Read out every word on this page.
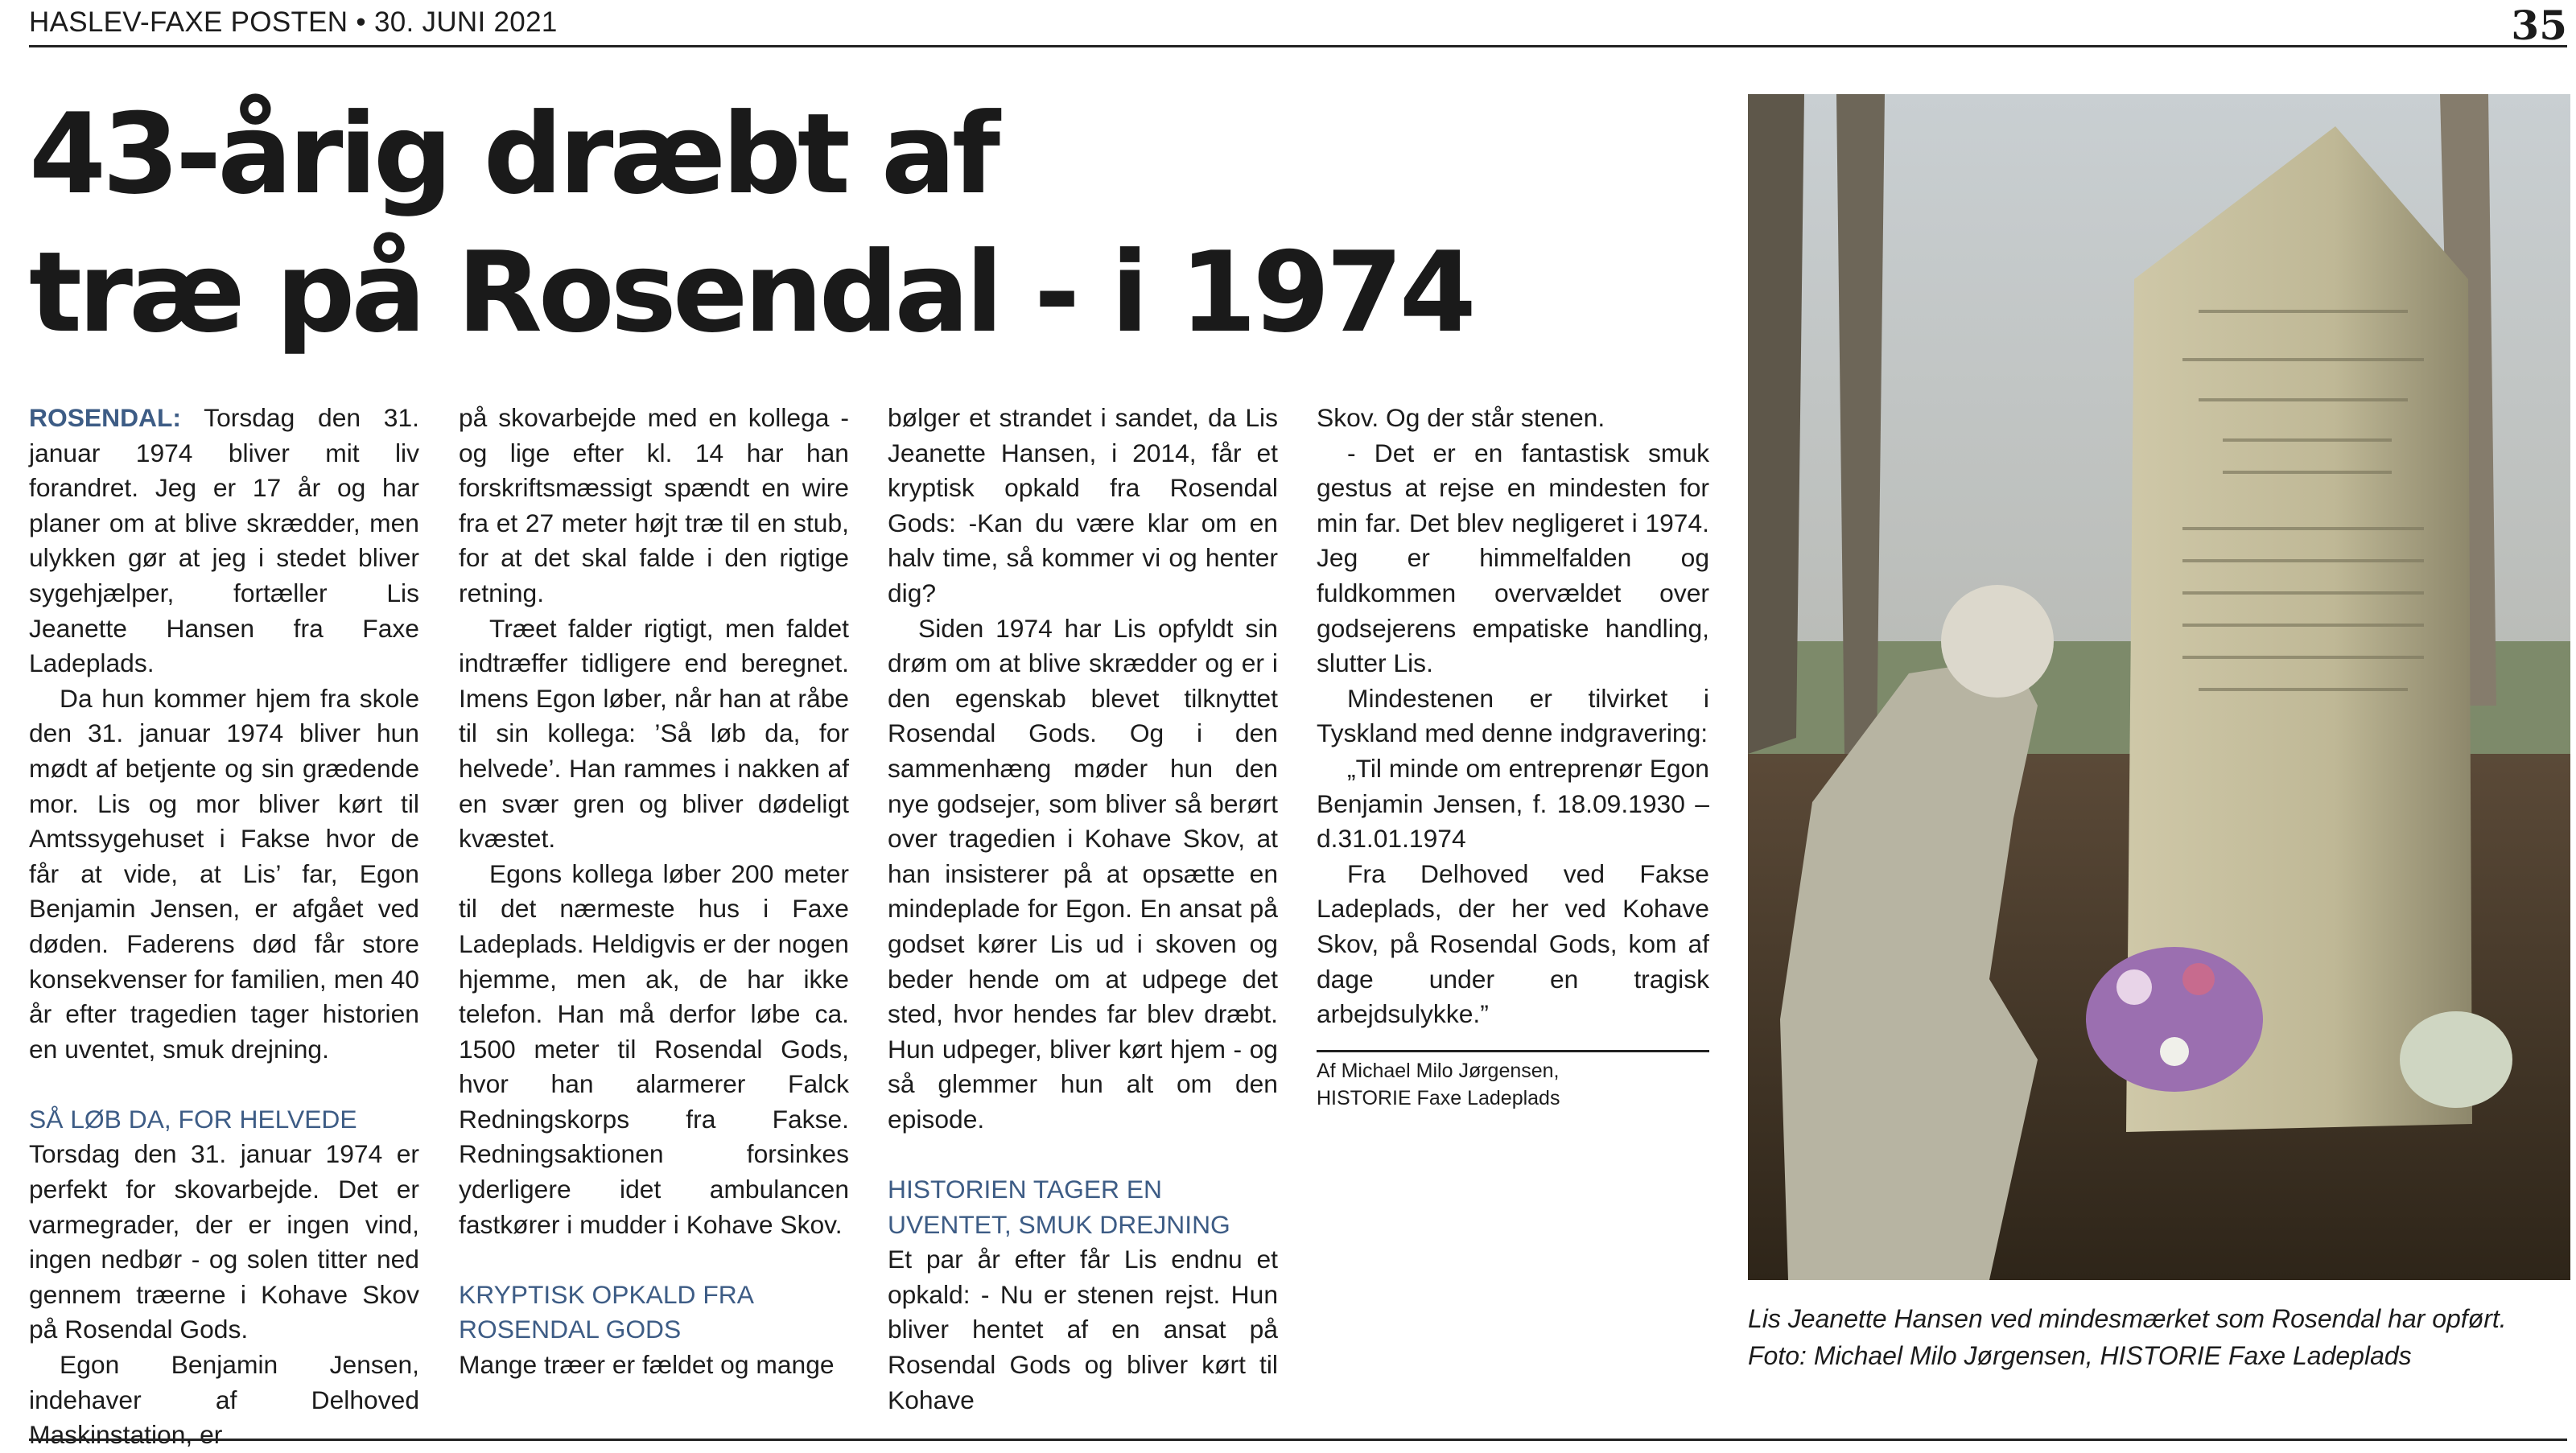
HASLEV-FAXE POSTEN • 30. JUNI 2021	35
43-årig dræbt af
træ på Rosendal - i 1974

ROSENDAL: Torsdag den 31. januar 1974 bliver mit liv forandret. Jeg er 17 år og har planer om at blive skrædder, men ulykken gør at jeg i stedet bliver sygehjælper, fortæller Lis Jeanette Hansen fra Faxe Ladeplads.

Da hun kommer hjem fra skole den 31. januar 1974 bliver hun mødt af betjente og sin grædende mor. Lis og mor bliver kørt til Amtssygehuset i Fakse hvor de får at vide, at Lis’ far, Egon Benjamin Jensen, er afgået ved døden. Faderens død får store konsekvenser for familien, men 40 år efter tragedien tager historien en uventet, smuk drejning.

SÅ LØB DA, FOR HELVEDE

Torsdag den 31. januar 1974 er perfekt for skovarbejde. Det er varmegrader, der er ingen vind, ingen nedbør - og solen titter ned gennem træerne i Kohave Skov på Rosendal Gods.

Egon Benjamin Jensen, indehaver af Delhoved Maskinstation, er

på skovarbejde med en kollega - og lige efter kl. 14 har han forskriftsmæssigt spændt en wire fra et 27 meter højt træ til en stub, for at det skal falde i den rigtige retning.

Træet falder rigtigt, men faldet indtræffer tidligere end beregnet. Imens Egon løber, når han at råbe til sin kollega: ’Så løb da, for helvede’. Han rammes i nakken af en svær gren og bliver dødeligt kvæstet.

Egons kollega løber 200 meter til det nærmeste hus i Faxe Ladeplads. Heldigvis er der nogen hjemme, men ak, de har ikke telefon. Han må derfor løbe ca. 1500 meter til Rosendal Gods, hvor han alarmerer Falck Redningskorps fra Fakse. Redningsaktionen forsinkes yderligere idet ambulancen fastkører i mudder i Kohave Skov.

KRYPTISK OPKALD FRA ROSENDAL GODS

Mange træer er fældet og mange

bølger et strandet i sandet, da Lis Jeanette Hansen, i 2014, får et kryptisk opkald fra Rosendal Gods: -Kan du være klar om en halv time, så kommer vi og henter dig?

Siden 1974 har Lis opfyldt sin drøm om at blive skrædder og er i den egenskab blevet tilknyttet Rosendal Gods. Og i den sammenhæng møder hun den nye godsejer, som bliver så berørt over tragedien i Kohave Skov, at han insisterer på at opsætte en mindeplade for Egon. En ansat på godset kører Lis ud i skoven og beder hende om at udpege det sted, hvor hendes far blev dræbt. Hun udpeger, bliver kørt hjem - og så glemmer hun alt om den episode.

HISTORIEN TAGER EN UVENTET, SMUK DREJNING

Et par år efter får Lis endnu et opkald: - Nu er stenen rejst. Hun bliver hentet af en ansat på Rosendal Gods og bliver kørt til Kohave

Skov. Og der står stenen.

- Det er en fantastisk smuk gestus at rejse en mindesten for min far. Det blev negligeret i 1974. Jeg er himmelfalden og fuldkommen overvældet over godsejerens empatiske handling, slutter Lis.

Mindestenen er tilvirket i Tyskland med denne indgravering:

„Til minde om entreprenør Egon Benjamin Jensen, f. 18.09.1930 – d.31.01.1974

Fra Delhoved ved Fakse Ladeplads, der her ved Kohave Skov, på Rosendal Gods, kom af dage under en tragisk arbejdsulykke.”

Af Michael Milo Jørgensen,
HISTORIE Faxe Ladeplads
Lis Jeanette Hansen ved mindesmærket som Rosendal har opført. Foto: Michael Milo Jørgensen, HISTORIE Faxe Ladeplads
